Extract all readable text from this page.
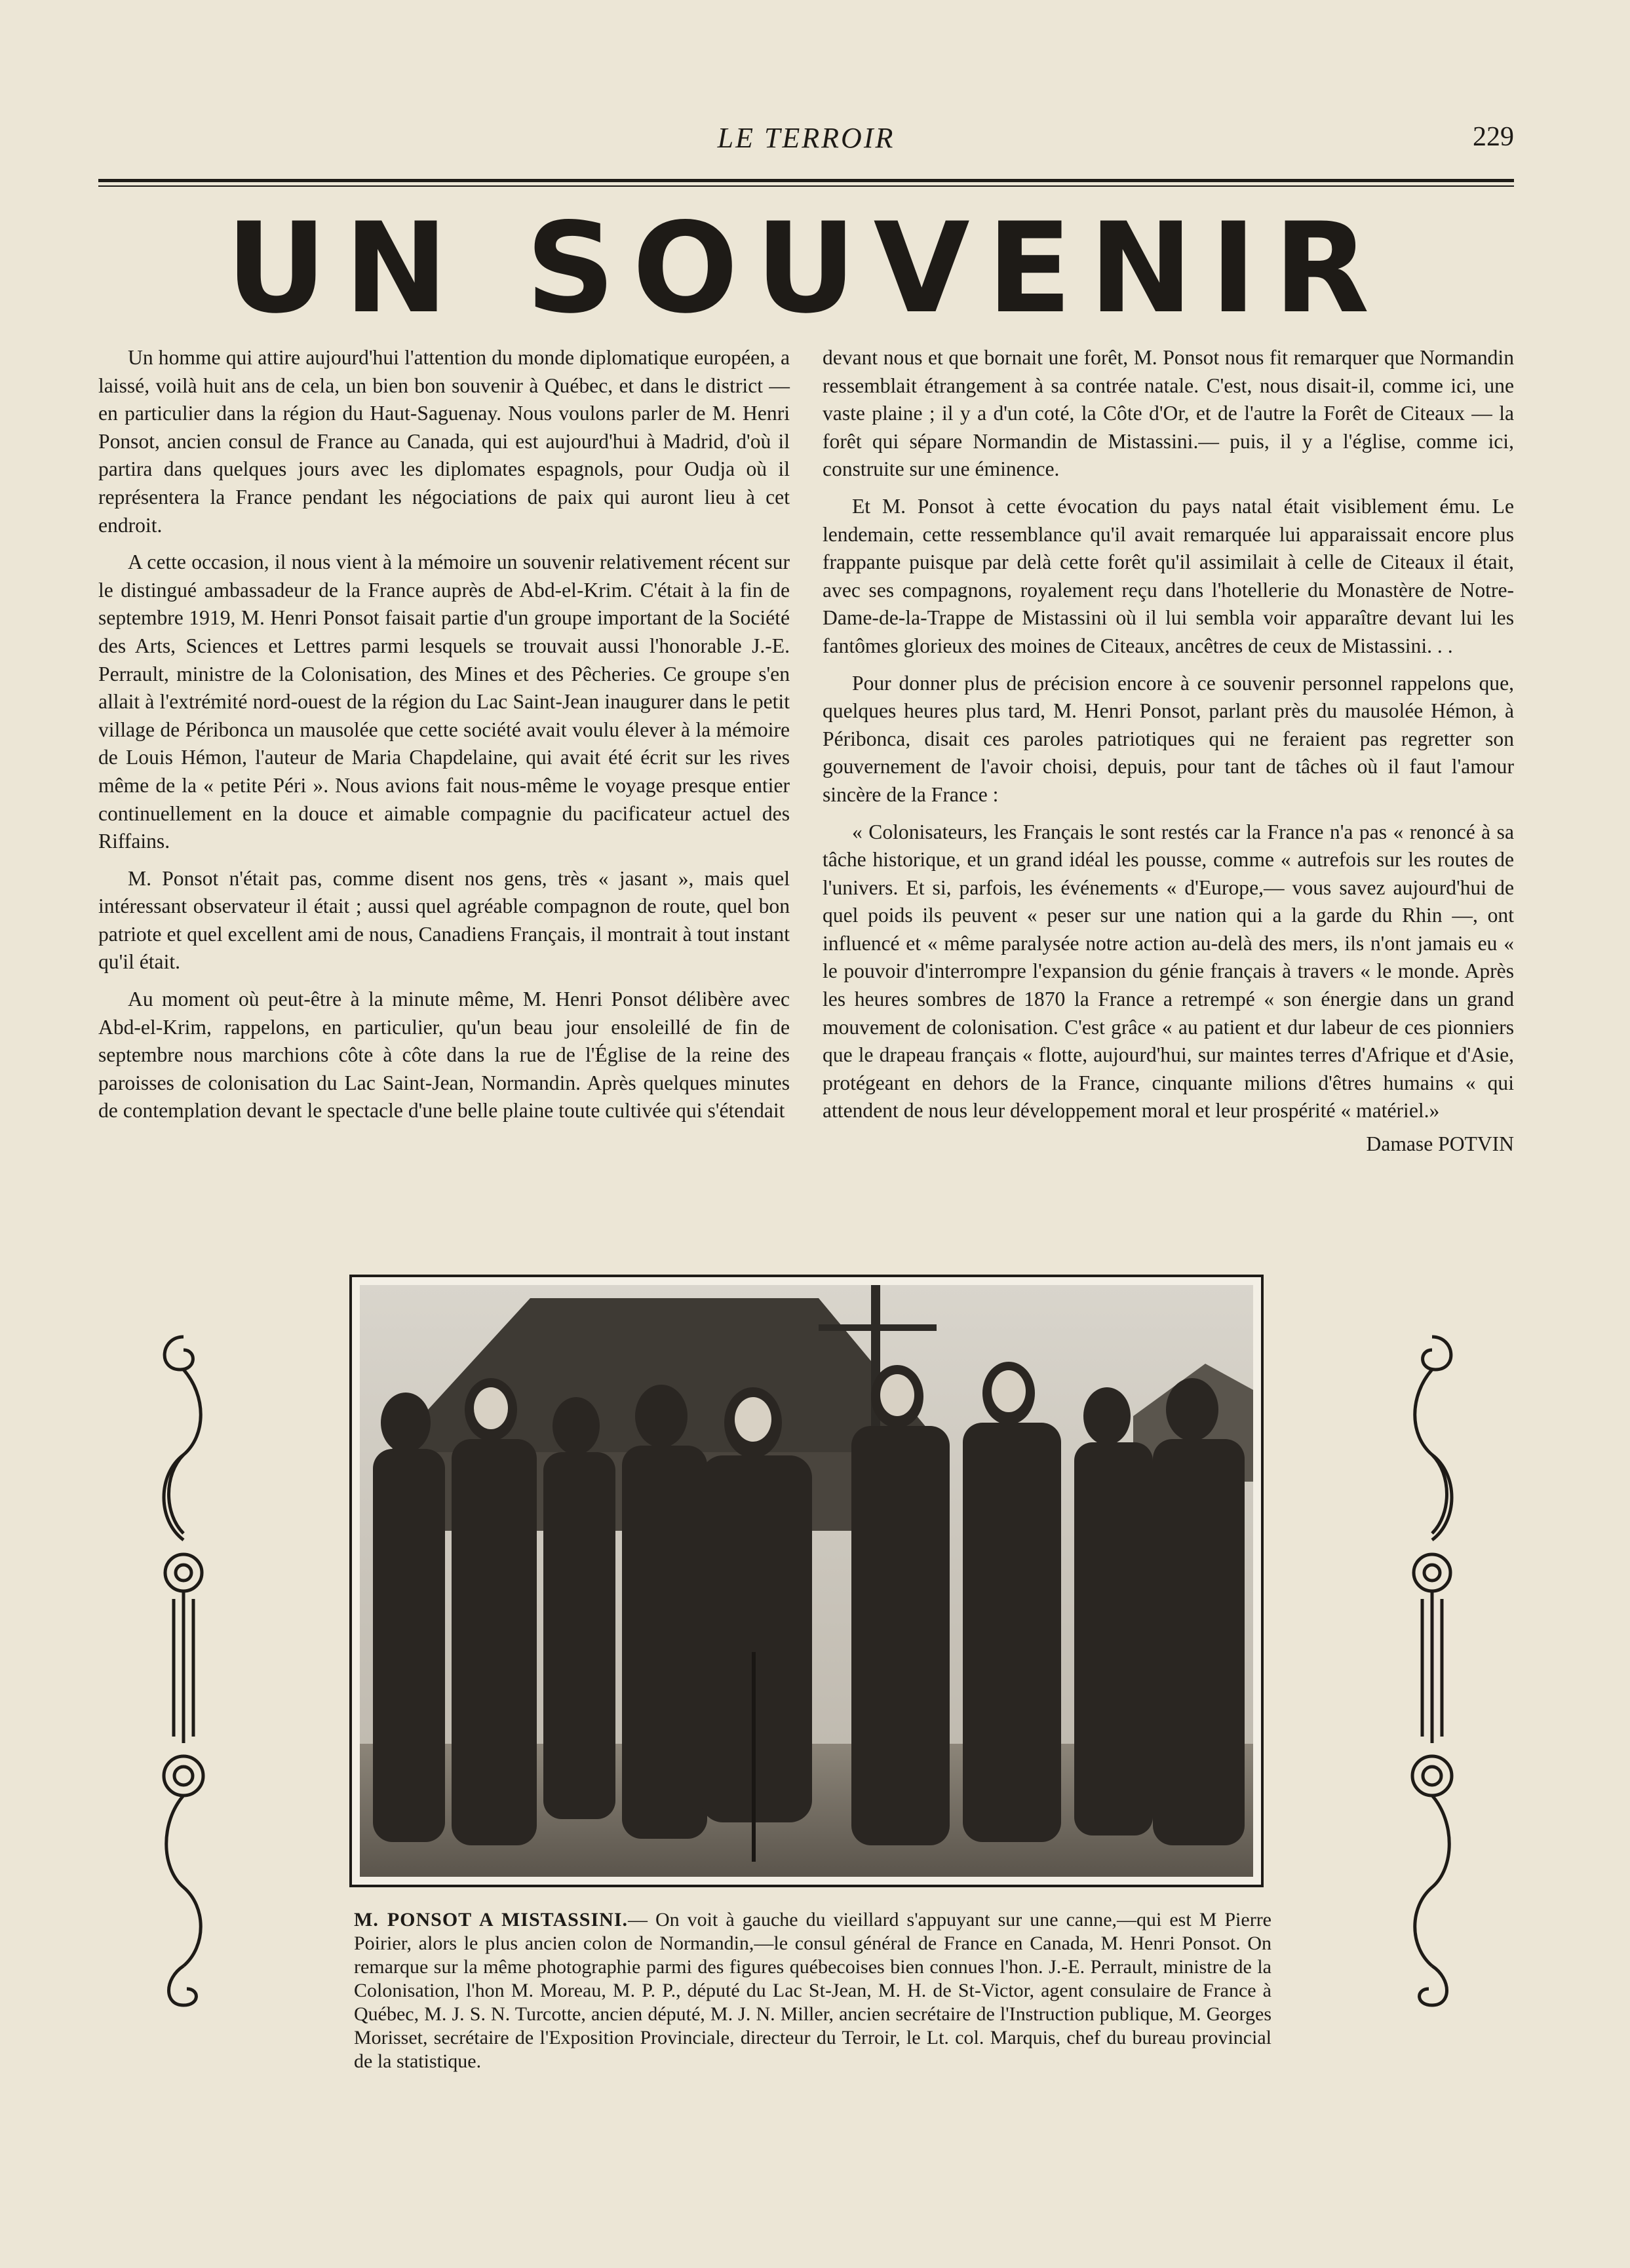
LE TERROIR	229
UN SOUVENIR

Un homme qui attire aujourd'hui l'attention du monde diplomatique européen, a laissé, voilà huit ans de cela, un bien bon souvenir à Québec, et dans le district — en particulier dans la région du Haut-Saguenay. Nous voulons parler de M. Henri Ponsot, ancien consul de France au Canada, qui est aujourd'hui à Madrid, d'où il partira dans quelques jours avec les diplomates espagnols, pour Oudja où il représentera la France pendant les négociations de paix qui auront lieu à cet endroit.

A cette occasion, il nous vient à la mémoire un souvenir relativement récent sur le distingué ambassadeur de la France auprès de Abd-el-Krim. C'était à la fin de septembre 1919, M. Henri Ponsot faisait partie d'un groupe important de la Société des Arts, Sciences et Lettres parmi lesquels se trouvait aussi l'honorable J.-E. Perrault, ministre de la Colonisation, des Mines et des Pêcheries. Ce groupe s'en allait à l'extrémité nord-ouest de la région du Lac Saint-Jean inaugurer dans le petit village de Péribonca un mausolée que cette société avait voulu élever à la mémoire de Louis Hémon, l'auteur de Maria Chapdelaine, qui avait été écrit sur les rives même de la « petite Péri ». Nous avions fait nous-même le voyage presque entier continuellement en la douce et aimable compagnie du pacificateur actuel des Riffains.

M. Ponsot n'était pas, comme disent nos gens, très « jasant », mais quel intéressant observateur il était ; aussi quel agréable compagnon de route, quel bon patriote et quel excellent ami de nous, Canadiens Français, il montrait à tout instant qu'il était.

Au moment où peut-être à la minute même, M. Henri Ponsot délibère avec Abd-el-Krim, rappelons, en particulier, qu'un beau jour ensoleillé de fin de septembre nous marchions côte à côte dans la rue de l'Église de la reine des paroisses de colonisation du Lac Saint-Jean, Normandin. Après quelques minutes de contemplation devant le spectacle d'une belle plaine toute cultivée qui s'étendait

devant nous et que bornait une forêt, M. Ponsot nous fit remarquer que Normandin ressemblait étrangement à sa contrée natale. C'est, nous disait-il, comme ici, une vaste plaine ; il y a d'un coté, la Côte d'Or, et de l'autre la Forêt de Citeaux — la forêt qui sépare Normandin de Mistassini.— puis, il y a l'église, comme ici, construite sur une éminence.

Et M. Ponsot à cette évocation du pays natal était visiblement ému. Le lendemain, cette ressemblance qu'il avait remarquée lui apparaissait encore plus frappante puisque par delà cette forêt qu'il assimilait à celle de Citeaux il était, avec ses compagnons, royalement reçu dans l'hotellerie du Monastère de Notre-Dame-de-la-Trappe de Mistassini où il lui sembla voir apparaître devant lui les fantômes glorieux des moines de Citeaux, ancêtres de ceux de Mistassini. . .

Pour donner plus de précision encore à ce souvenir personnel rappelons que, quelques heures plus tard, M. Henri Ponsot, parlant près du mausolée Hémon, à Péribonca, disait ces paroles patriotiques qui ne feraient pas regretter son gouvernement de l'avoir choisi, depuis, pour tant de tâches où il faut l'amour sincère de la France :

« Colonisateurs, les Français le sont restés car la France n'a pas « renoncé à sa tâche historique, et un grand idéal les pousse, comme « autrefois sur les routes de l'univers. Et si, parfois, les événements « d'Europe,— vous savez aujourd'hui de quel poids ils peuvent « peser sur une nation qui a la garde du Rhin —, ont influencé et « même paralysée notre action au-delà des mers, ils n'ont jamais eu « le pouvoir d'interrompre l'expansion du génie français à travers « le monde. Après les heures sombres de 1870 la France a retrempé « son énergie dans un grand mouvement de colonisation. C'est grâce « au patient et dur labeur de ces pionniers que le drapeau français « flotte, aujourd'hui, sur maintes terres d'Afrique et d'Asie, protégeant en dehors de la France, cinquante milions d'êtres humains « qui attendent de nous leur développement moral et leur prospérité « matériel.»

Damase POTVIN
M. PONSOT A MISTASSINI.— On voit à gauche du vieillard s'appuyant sur une canne,—qui est M Pierre Poirier, alors le plus ancien colon de Normandin,—le consul général de France en Canada, M. Henri Ponsot. On remarque sur la même photographie parmi des figures québecoises bien connues l'hon. J.-E. Perrault, ministre de la Colonisation, l'hon M. Moreau, M. P. P., député du Lac St-Jean, M. H. de St-Victor, agent consulaire de France à Québec, M. J. S. N. Turcotte, ancien député, M. J. N. Miller, ancien secrétaire de l'Instruction publique, M. Georges Morisset, secrétaire de l'Exposition Provinciale, directeur du Terroir, le Lt. col. Marquis, chef du bureau provincial de la statistique.
